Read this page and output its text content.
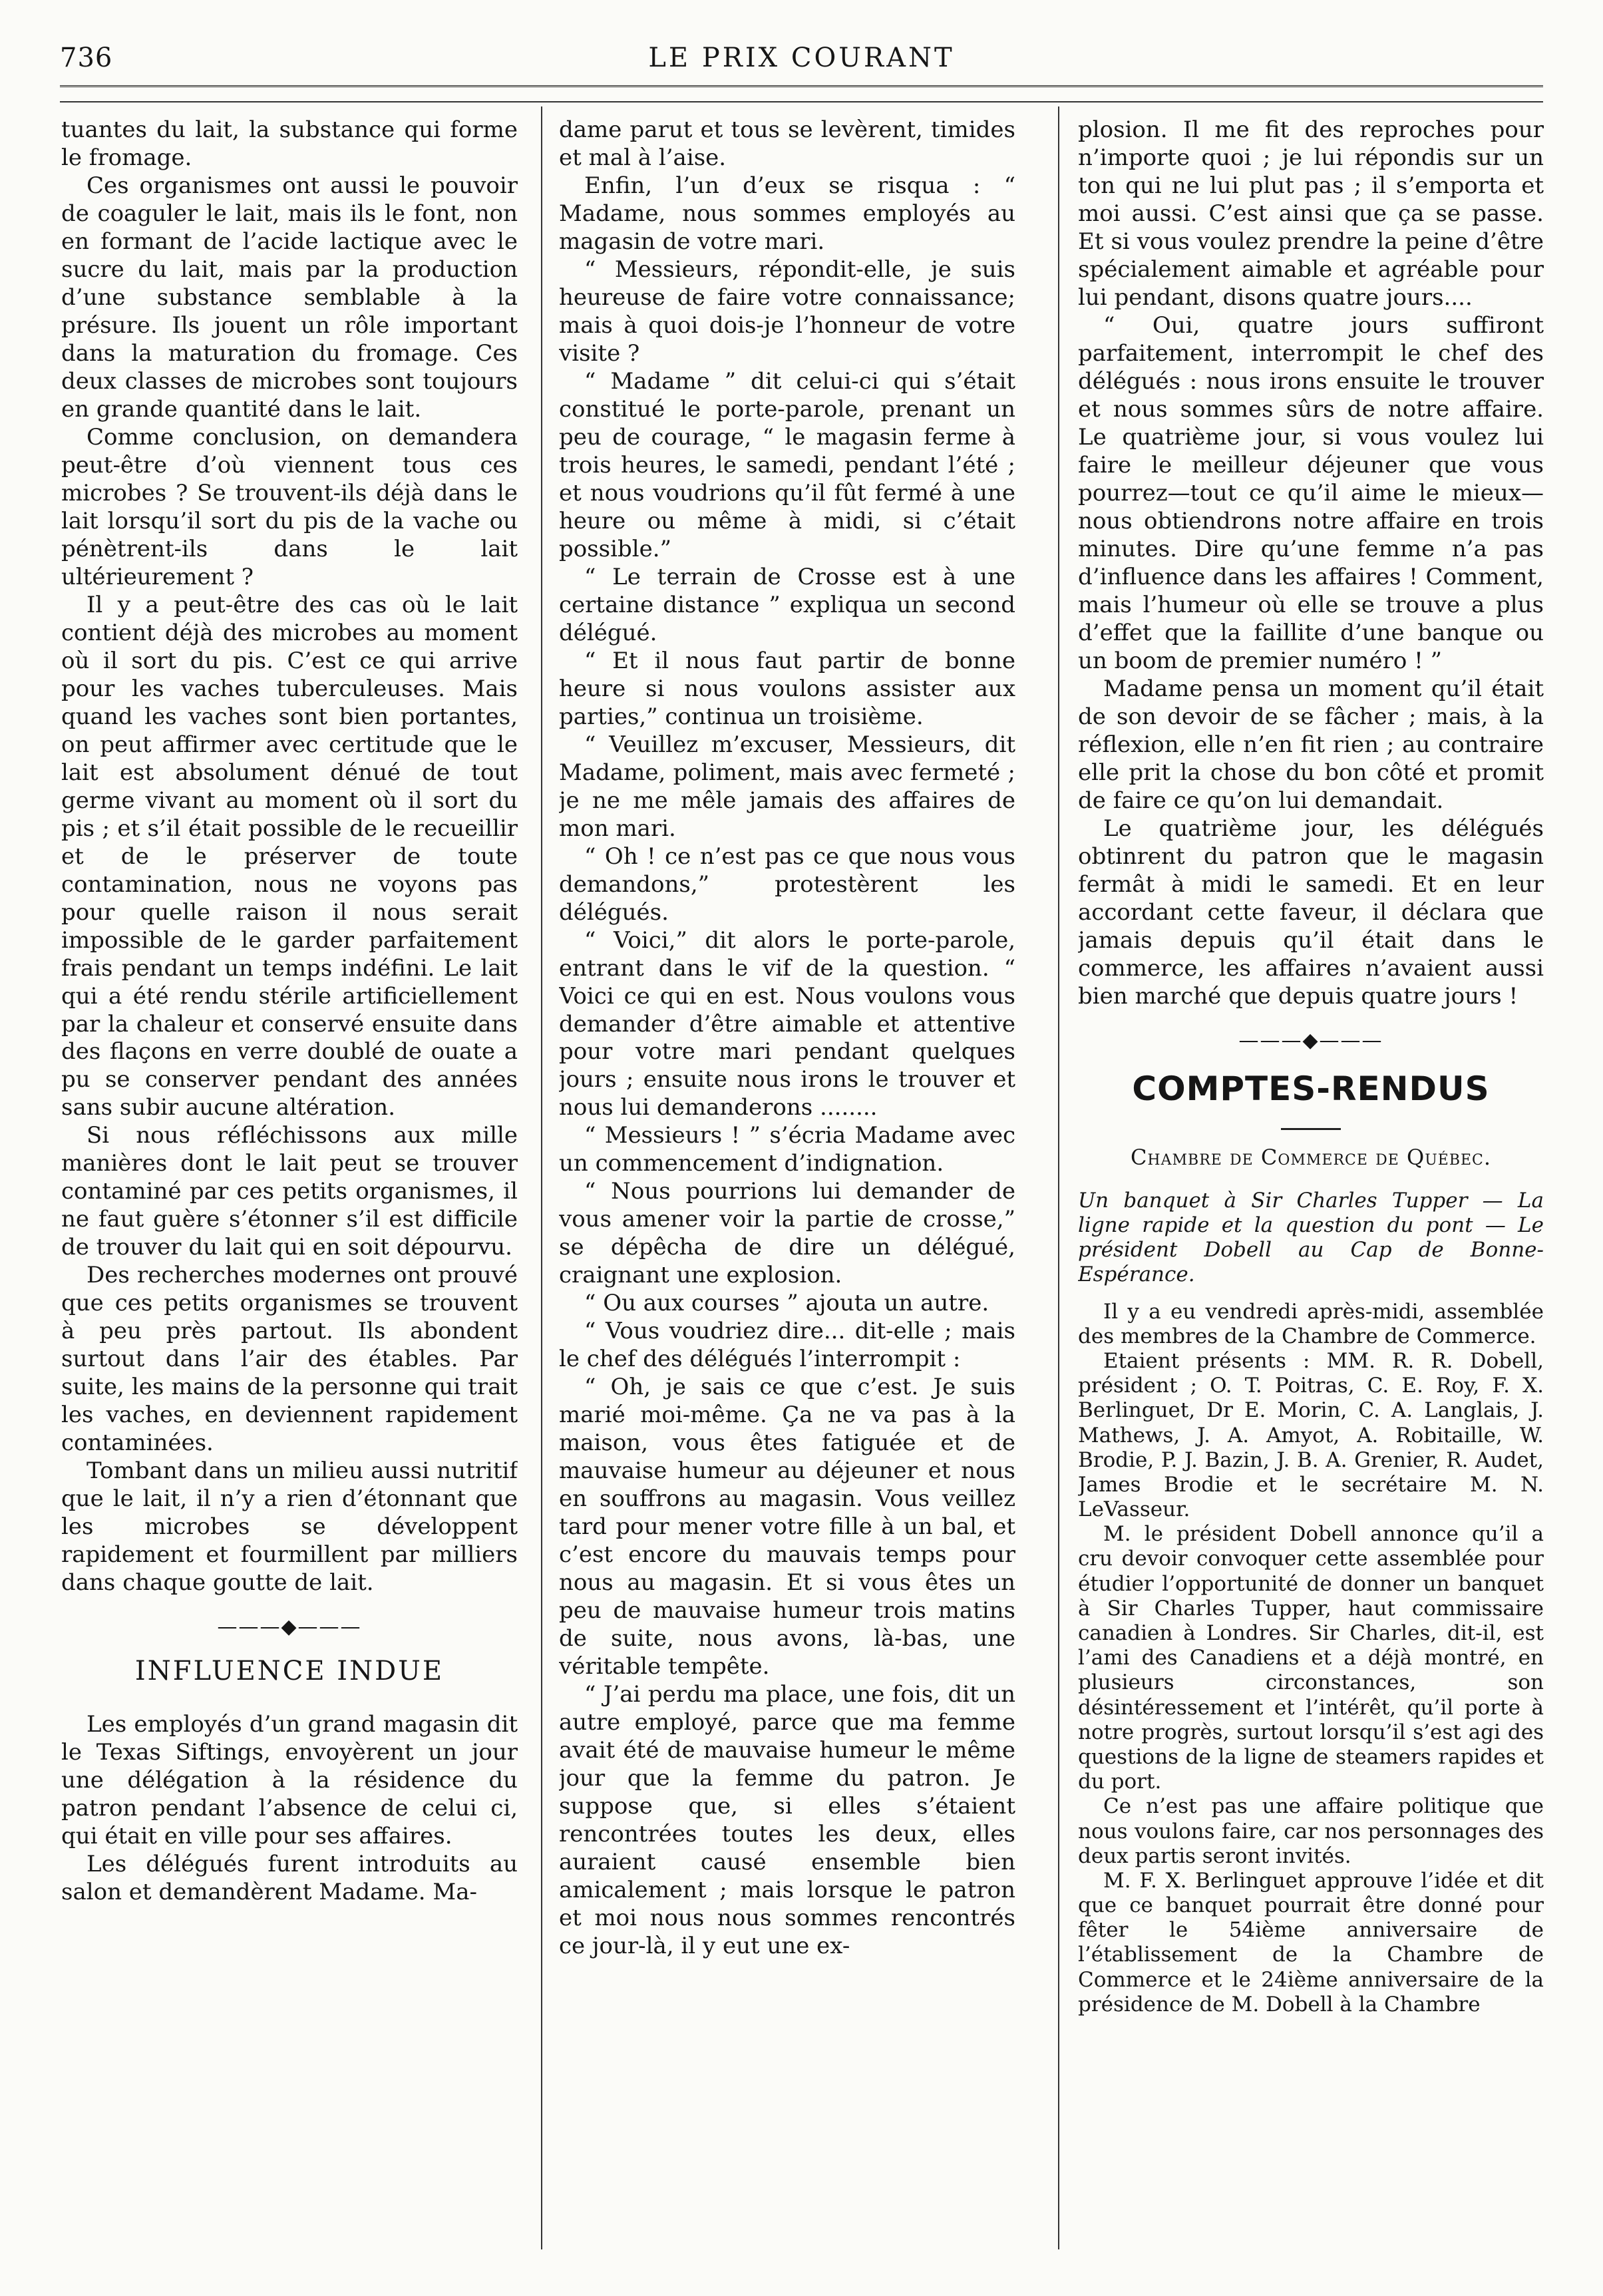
736	LE PRIX COURANT

tuantes du lait, la substance qui forme le fromage.

Ces organismes ont aussi le pouvoir de coaguler le lait, mais ils le font, non en formant de l’acide lactique avec le sucre du lait, mais par la production d’une substance semblable à la présure. Ils jouent un rôle important dans la maturation du fromage. Ces deux classes de microbes sont toujours en grande quantité dans le lait.

Comme conclusion, on demandera peut-être d’où viennent tous ces microbes ? Se trouvent-ils déjà dans le lait lorsqu’il sort du pis de la vache ou pénètrent-ils dans le lait ultérieurement ?

Il y a peut-être des cas où le lait contient déjà des microbes au moment où il sort du pis. C’est ce qui arrive pour les vaches tuberculeuses. Mais quand les vaches sont bien portantes, on peut affirmer avec certitude que le lait est absolument dénué de tout germe vivant au moment où il sort du pis ; et s’il était possible de le recueillir et de le préserver de toute contamination, nous ne voyons pas pour quelle raison il nous serait impossible de le garder parfaitement frais pendant un temps indéfini. Le lait qui a été rendu stérile artificiellement par la chaleur et conservé ensuite dans des flaçons en verre doublé de ouate a pu se conserver pendant des années sans subir aucune altération.

Si nous réfléchissons aux mille manières dont le lait peut se trouver contaminé par ces petits organismes, il ne faut guère s’étonner s’il est difficile de trouver du lait qui en soit dépourvu.

Des recherches modernes ont prouvé que ces petits organismes se trouvent à peu près partout. Ils abondent surtout dans l’air des étables. Par suite, les mains de la personne qui trait les vaches, en deviennent rapidement contaminées.

Tombant dans un milieu aussi nutritif que le lait, il n’y a rien d’étonnant que les microbes se développent rapidement et fourmillent par milliers dans chaque goutte de lait.

———◆———
INFLUENCE INDUE

Les employés d’un grand magasin dit le Texas Siftings, envoyèrent un jour une délégation à la résidence du patron pendant l’absence de celui ci, qui était en ville pour ses affaires.

Les délégués furent introduits au salon et demandèrent Madame. Ma-

dame parut et tous se levèrent, timides et mal à l’aise.

Enfin, l’un d’eux se risqua : “ Madame, nous sommes employés au magasin de votre mari.

“ Messieurs, répondit-elle, je suis heureuse de faire votre connaissance; mais à quoi dois-je l’honneur de votre visite ?

“ Madame ” dit celui-ci qui s’était constitué le porte-parole, prenant un peu de courage, “ le magasin ferme à trois heures, le samedi, pendant l’été ; et nous voudrions qu’il fût fermé à une heure ou même à midi, si c’était possible.”

“ Le terrain de Crosse est à une certaine distance ” expliqua un second délégué.

“ Et il nous faut partir de bonne heure si nous voulons assister aux parties,” continua un troisième.

“ Veuillez m’excuser, Messieurs, dit Madame, poliment, mais avec fermeté ; je ne me mêle jamais des affaires de mon mari.

“ Oh ! ce n’est pas ce que nous vous demandons,” protestèrent les délégués.

“ Voici,” dit alors le porte-parole, entrant dans le vif de la question. “ Voici ce qui en est. Nous voulons vous demander d’être aimable et attentive pour votre mari pendant quelques jours ; ensuite nous irons le trouver et nous lui demanderons ........

“ Messieurs ! ” s’écria Madame avec un commencement d’indignation.

“ Nous pourrions lui demander de vous amener voir la partie de crosse,” se dépêcha de dire un délégué, craignant une explosion.

“ Ou aux courses ” ajouta un autre.

“ Vous voudriez dire... dit-elle ; mais le chef des délégués l’interrompit :

“ Oh, je sais ce que c’est. Je suis marié moi-même. Ça ne va pas à la maison, vous êtes fatiguée et de mauvaise humeur au déjeuner et nous en souffrons au magasin. Vous veillez tard pour mener votre fille à un bal, et c’est encore du mauvais temps pour nous au magasin. Et si vous êtes un peu de mauvaise humeur trois matins de suite, nous avons, là-bas, une véritable tempête.

“ J’ai perdu ma place, une fois, dit un autre employé, parce que ma femme avait été de mauvaise humeur le même jour que la femme du patron. Je suppose que, si elles s’étaient rencontrées toutes les deux, elles auraient causé ensemble bien amicalement ; mais lorsque le patron et moi nous nous sommes rencontrés ce jour-là, il y eut une ex-

plosion. Il me fit des reproches pour n’importe quoi ; je lui répondis sur un ton qui ne lui plut pas ; il s’emporta et moi aussi. C’est ainsi que ça se passe. Et si vous voulez prendre la peine d’être spécialement aimable et agréable pour lui pendant, disons quatre jours....

“ Oui, quatre jours suffiront parfaitement, interrompit le chef des délégués : nous irons ensuite le trouver et nous sommes sûrs de notre affaire. Le quatrième jour, si vous voulez lui faire le meilleur déjeuner que vous pourrez—tout ce qu’il aime le mieux—nous obtiendrons notre affaire en trois minutes. Dire qu’une femme n’a pas d’influence dans les affaires ! Comment, mais l’humeur où elle se trouve a plus d’effet que la faillite d’une banque ou un boom de premier numéro ! ”

Madame pensa un moment qu’il était de son devoir de se fâcher ; mais, à la réflexion, elle n’en fit rien ; au contraire elle prit la chose du bon côté et promit de faire ce qu’on lui demandait.

Le quatrième jour, les délégués obtinrent du patron que le magasin fermât à midi le samedi. Et en leur accordant cette faveur, il déclara que jamais depuis qu’il était dans le commerce, les affaires n’avaient aussi bien marché que depuis quatre jours !

———◆———
COMPTES-RENDUS
Chambre de Commerce de Québec.

Un banquet à Sir Charles Tupper — La ligne rapide et la question du pont — Le président Dobell au Cap de Bonne-Espérance.

Il y a eu vendredi après-midi, assemblée des membres de la Chambre de Commerce.

Etaient présents : MM. R. R. Dobell, président ; O. T. Poitras, C. E. Roy, F. X. Berlinguet, Dr E. Morin, C. A. Langlais, J. Mathews, J. A. Amyot, A. Robitaille, W. Brodie, P. J. Bazin, J. B. A. Grenier, R. Audet, James Brodie et le secrétaire M. N. LeVasseur.

M. le président Dobell annonce qu’il a cru devoir convoquer cette assemblée pour étudier l’opportunité de donner un banquet à Sir Charles Tupper, haut commissaire canadien à Londres. Sir Charles, dit-il, est l’ami des Canadiens et a déjà montré, en plusieurs circonstances, son désintéressement et l’intérêt, qu’il porte à notre progrès, surtout lorsqu’il s’est agi des questions de la ligne de steamers rapides et du port.

Ce n’est pas une affaire politique que nous voulons faire, car nos personnages des deux partis seront invités.

M. F. X. Berlinguet approuve l’idée et dit que ce banquet pourrait être donné pour fêter le 54ième anniversaire de l’établissement de la Chambre de Commerce et le 24ième anniversaire de la présidence de M. Dobell à la Chambre
